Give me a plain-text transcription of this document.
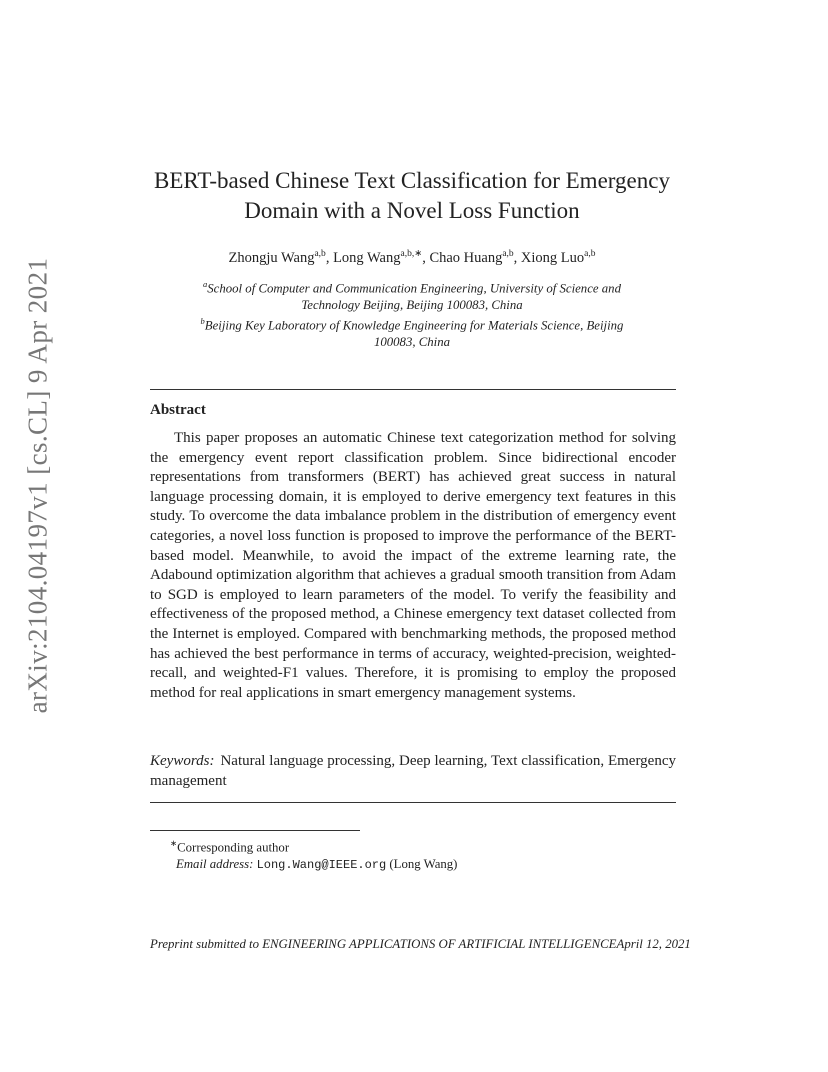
arXiv:2104.04197v1 [cs.CL] 9 Apr 2021
BERT-based Chinese Text Classification for Emergency
Domain with a Novel Loss Function
Zhongju Wang$^{a,b}$, Long Wang$^{a,b,∗}$, Chao Huang$^{a,b}$, Xiong Luo$^{a,b}$
$^a$School of Computer and Communication Engineering, University of Science and
Technology Beijing, Beijing 100083, China
$^b$Beijing Key Laboratory of Knowledge Engineering for Materials Science, Beijing
100083, China
Abstract
This paper proposes an automatic Chinese text categorization method for solving the emergency event report classification problem. Since bidirectional encoder representations from transformers (BERT) has achieved great success in natural language processing domain, it is employed to derive emergency text features in this study. To overcome the data imbalance problem in the distribution of emergency event categories, a novel loss function is proposed to improve the performance of the BERT-based model. Meanwhile, to avoid the impact of the extreme learning rate, the Adabound optimization algorithm that achieves a gradual smooth transition from Adam to SGD is employed to learn parameters of the model. To verify the feasibility and effectiveness of the proposed method, a Chinese emergency text dataset collected from the Internet is employed. Compared with benchmarking methods, the proposed method has achieved the best performance in terms of accuracy, weighted-precision, weighted-recall, and weighted-F1 values. Therefore, it is promising to employ the proposed method for real applications in smart emergency management systems.
Keywords: Natural language processing, Deep learning, Text classification, Emergency management
∗Corresponding author
Email address: Long.Wang@IEEE.org (Long Wang)
Preprint submitted to ENGINEERING APPLICATIONS OF ARTIFICIAL INTELLIGENCEApril 12, 2021
